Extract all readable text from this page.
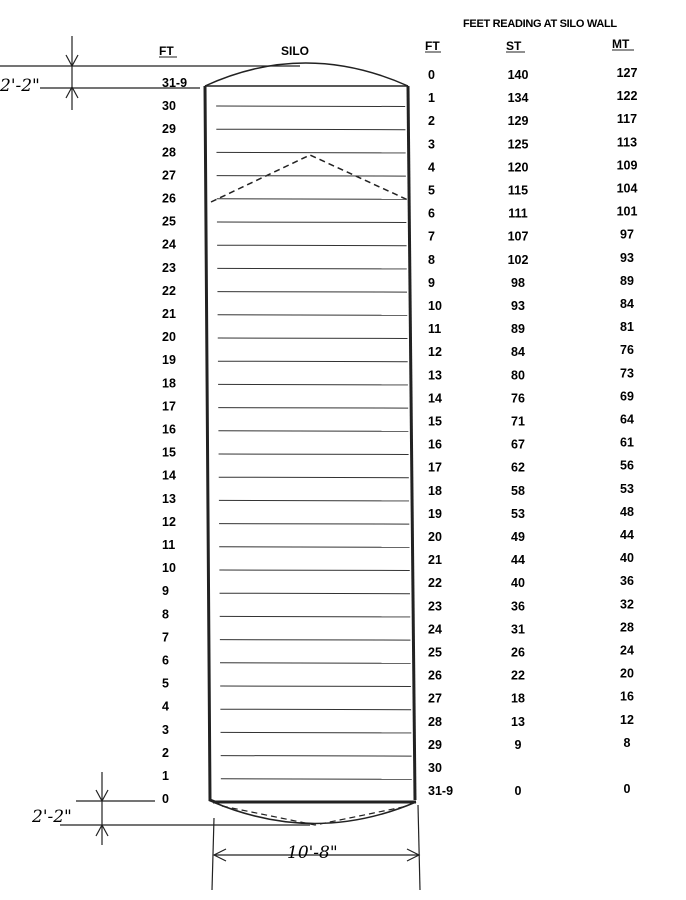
FEET READING AT SILO WALL
FT	SILO	FT	ST	MT
2'-2"
2'-2"
10'-8"
31-9
30
29
28
27
26
25
24
23
22
21
20
19
18
17
16
15
14
13
12
11
10
9
8
7
6
5
4
3
2
1
0
0	140	127
1	134	122
2	129	117
3	125	113
4	120	109
5	115	104
6	111	101
7	107	97
8	102	93
9	98	89
10	93	84
11	89	81
12	84	76
13	80	73
14	76	69
15	71	64
16	67	61
17	62	56
18	58	53
19	53	48
20	49	44
21	44	40
22	40	36
23	36	32
24	31	28
25	26	24
26	22	20
27	18	16
28	13	12
29	9	8
30
31-9	0	0
